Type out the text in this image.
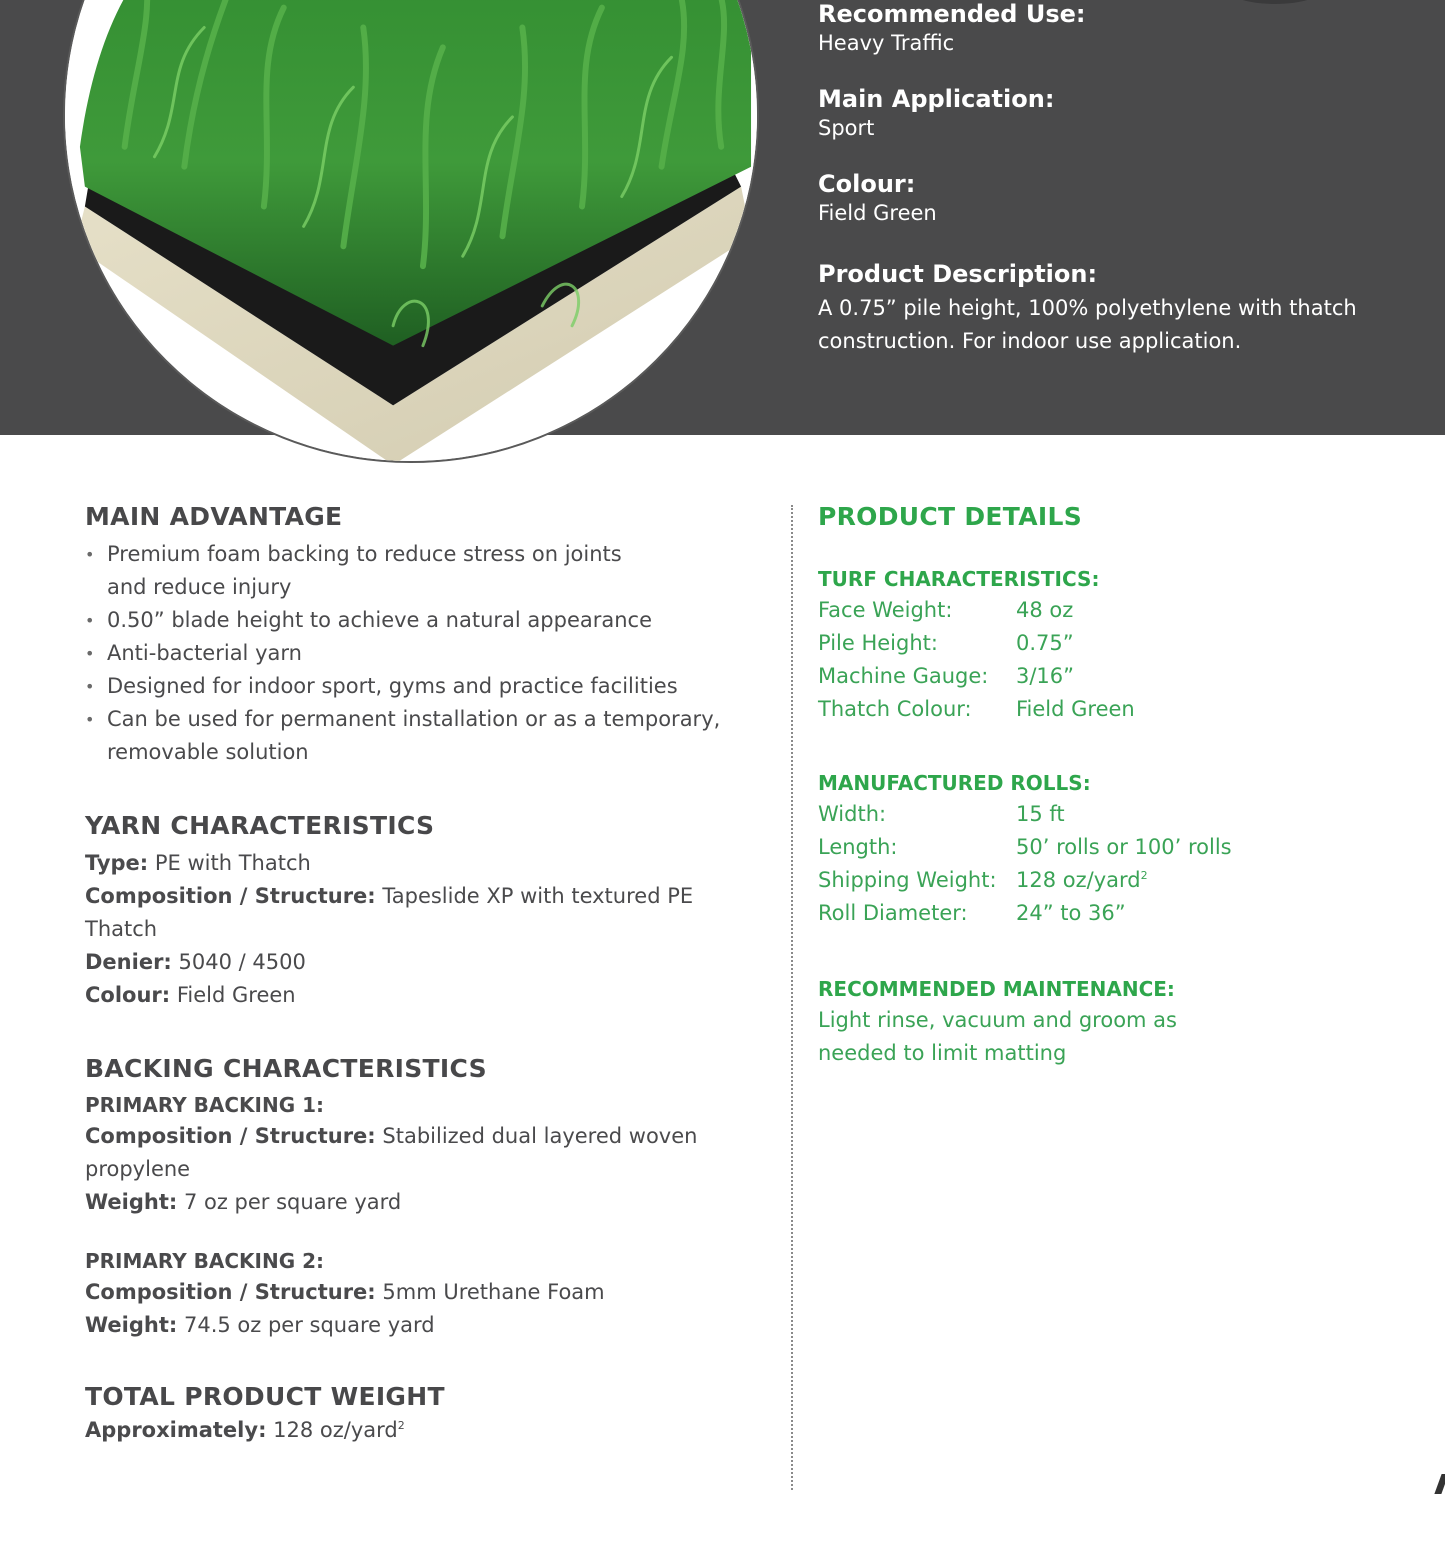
Recommended Use:
Heavy Traffic
Main Application:
Sport
Colour:
Field Green
Product Description:
A 0.75” pile height, 100% polyethylene with thatch
construction. For indoor use application.
MAIN ADVANTAGE
• Premium foam backing to reduce stress on joints
and reduce injury
• 0.50” blade height to achieve a natural appearance
• Anti-bacterial yarn
• Designed for indoor sport, gyms and practice facilities
• Can be used for permanent installation or as a temporary,
removable solution
YARN CHARACTERISTICS
Type: PE with Thatch
Composition / Structure: Tapeslide XP with textured PE Thatch
Denier: 5040 / 4500
Colour: Field Green
BACKING CHARACTERISTICS
PRIMARY BACKING 1:
Composition / Structure: Stabilized dual layered woven propylene
Weight: 7 oz per square yard
PRIMARY BACKING 2:
Composition / Structure: 5mm Urethane Foam
Weight: 74.5 oz per square yard
TOTAL PRODUCT WEIGHT
Approximately: 128 oz/yard$^2$
PRODUCT DETAILS
TURF CHARACTERISTICS:
Face Weight:	48 oz
Pile Height:	0.75”
Machine Gauge:	3/16”
Thatch Colour:	Field Green
MANUFACTURED ROLLS:
Width:	15 ft
Length:	50’ rolls or 100’ rolls
Shipping Weight: 128 oz/yard$^2$
Roll Diameter:	24” to 36”
RECOMMENDED MAINTENANCE:
Light rinse, vacuum and groom as
needed to limit matting
